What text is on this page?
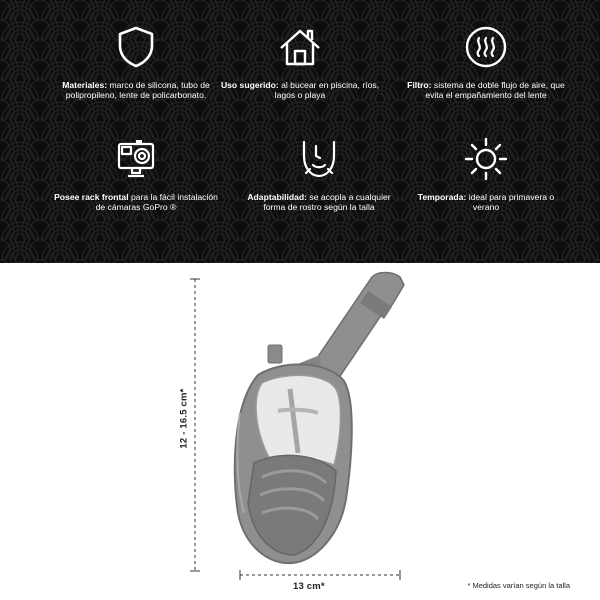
Materiales: marco de silicona, tubo de polipropileno, lente de policarbonato.
Uso sugerido: al bucear en piscina, ríos, lagos o playa
Filtro: sistema de doble flujo de aire, que evita el empañamiento del lente
Posee rack frontal para la fácil instalación de cámaras GoPro ®
Adaptabilidad: se acopla a cualquier forma de rostro según la talla
Temporada: ideal para primavera o verano
12 - 16.5 cm*
13 cm*	* Medidas varían según la talla
